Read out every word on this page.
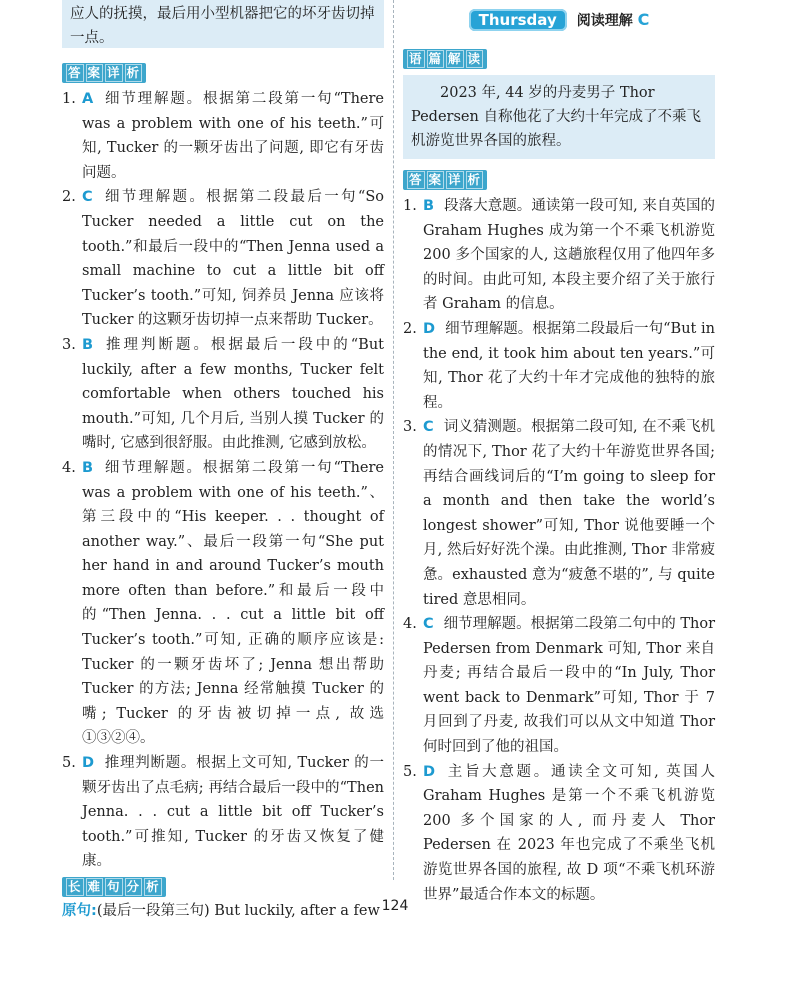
应人的抚摸，最后用小型机器把它的坏牙齿切掉一点。
答 案 详 析
1. A 细节理解题。根据第二段第一句“There was a problem with one of his teeth.”可知, Tucker 的一颗牙齿出了问题, 即它有牙齿问题。
2. C 细节理解题。根据第二段最后一句“So Tucker needed a little cut on the tooth.”和最后一段中的“Then Jenna used a small machine to cut a little bit off Tucker’s tooth.”可知, 饲养员 Jenna 应该将 Tucker 的这颗牙齿切掉一点来帮助 Tucker。
3. B 推理判断题。根据最后一段中的“But luckily, after a few months, Tucker felt comfortable when others touched his mouth.”可知, 几个月后, 当别人摸 Tucker 的嘴时, 它感到很舒服。由此推测, 它感到放松。
4. B 细节理解题。根据第二段第一句“There was a problem with one of his teeth.”、第三段中的“His keeper. . . thought of another way.”、最后一段第一句“She put her hand in and around Tucker’s mouth more often than before.”和最后一段中的“Then Jenna. . . cut a little bit off Tucker’s tooth.”可知, 正确的顺序应该是: Tucker 的一颗牙齿坏了; Jenna 想出帮助 Tucker 的方法; Jenna 经常触摸 Tucker 的嘴; Tucker 的牙齿被切掉一点, 故选①③②④。
5. D 推理判断题。根据上文可知, Tucker 的一颗牙齿出了点毛病; 再结合最后一段中的“Then Jenna. . . cut a little bit off Tucker’s tooth.”可推知, Tucker 的牙齿又恢复了健康。
长 难 句 分 析
原句:(最后一段第三句) But luckily, after a few
Thursday	阅读理解 C
语 篇 解 读
2023 年, 44 岁的丹麦男子 Thor Pedersen 自称他花了大约十年完成了不乘飞机游览世界各国的旅程。
答 案 详 析
1. B 段落大意题。通读第一段可知, 来自英国的 Graham Hughes 成为第一个不乘飞机游览 200 多个国家的人, 这趟旅程仅用了他四年多的时间。由此可知, 本段主要介绍了关于旅行者 Graham 的信息。
2. D 细节理解题。根据第二段最后一句“But in the end, it took him about ten years.”可知, Thor 花了大约十年才完成他的独特的旅程。
3. C 词义猜测题。根据第二段可知, 在不乘飞机的情况下, Thor 花了大约十年游览世界各国; 再结合画线词后的“I’m going to sleep for a month and then take the world’s longest shower”可知, Thor 说他要睡一个月, 然后好好洗个澡。由此推测, Thor 非常疲惫。exhausted 意为“疲惫不堪的”, 与 quite tired 意思相同。
4. C 细节理解题。根据第二段第二句中的 Thor Pedersen from Denmark 可知, Thor 来自丹麦; 再结合最后一段中的“In July, Thor went back to Denmark”可知, Thor 于 7 月回到了丹麦, 故我们可以从文中知道 Thor 何时回到了他的祖国。
5. D 主旨大意题。通读全文可知, 英国人 Graham Hughes 是第一个不乘飞机游览 200 多个国家的人, 而丹麦人 Thor Pedersen 在 2023 年也完成了不乘坐飞机游览世界各国的旅程, 故 D 项“不乘飞机环游世界”最适合作本文的标题。
124
